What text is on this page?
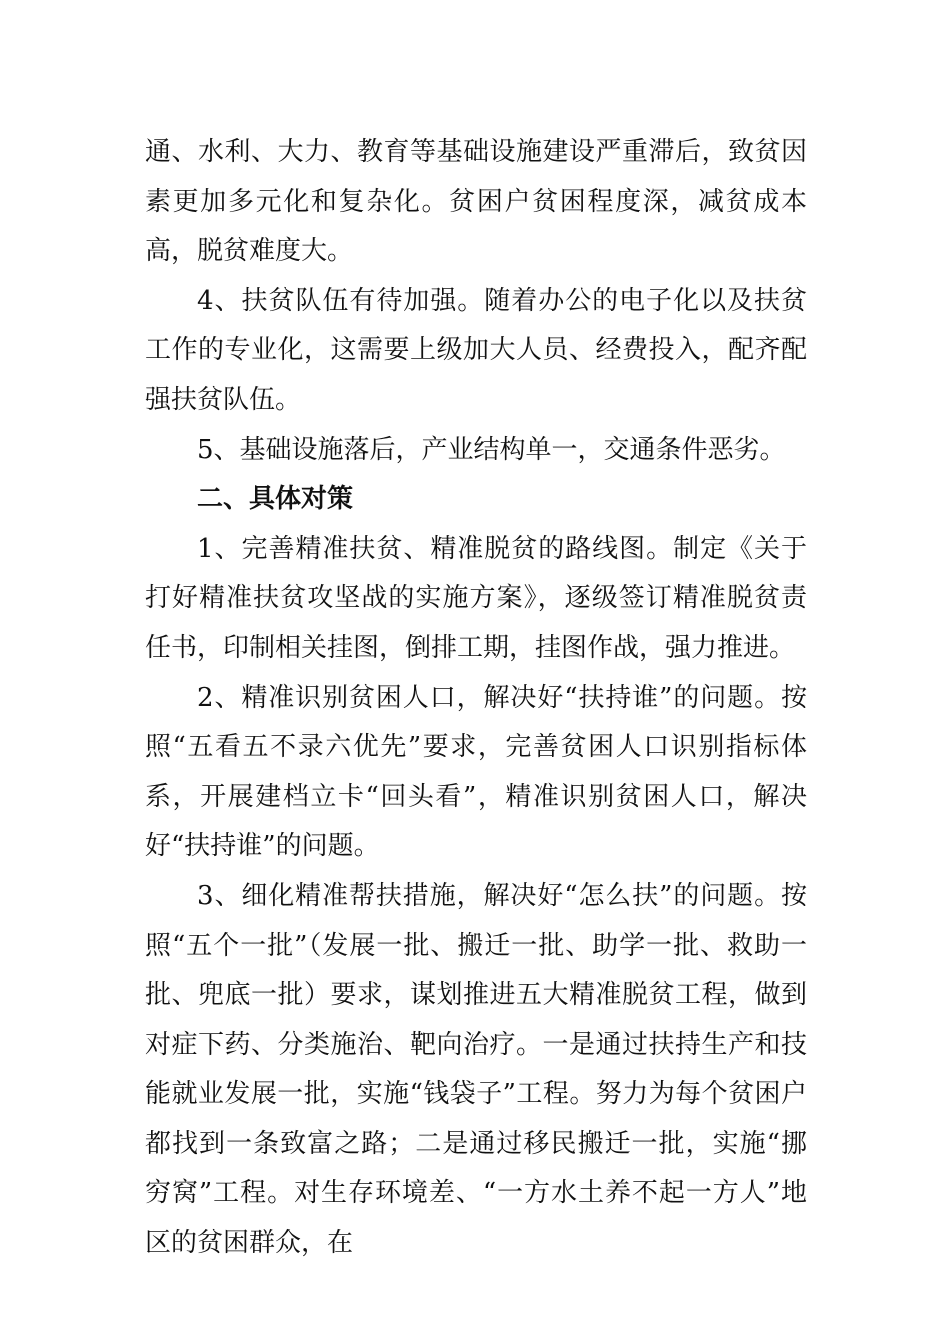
通、水利、大力、教育等基础设施建设严重滞后，致贫因素更加多元化和复杂化。贫困户贫困程度深，减贫成本高，脱贫难度大。

4、扶贫队伍有待加强。随着办公的电子化以及扶贫工作的专业化，这需要上级加大人员、经费投入，配齐配强扶贫队伍。

5、基础设施落后，产业结构单一，交通条件恶劣。

二、具体对策

1、完善精准扶贫、精准脱贫的路线图。制定《关于打好精准扶贫攻坚战的实施方案》，逐级签订精准脱贫责任书，印制相关挂图，倒排工期，挂图作战，强力推进。

2、精准识别贫困人口，解决好“扶持谁”的问题。按照“五看五不录六优先”要求，完善贫困人口识别指标体系，开展建档立卡“回头看”，精准识别贫困人口，解决好“扶持谁”的问题。

3、细化精准帮扶措施，解决好“怎么扶”的问题。按照“五个一批”（发展一批、搬迁一批、助学一批、救助一批、兜底一批）要求，谋划推进五大精准脱贫工程，做到对症下药、分类施治、靶向治疗。一是通过扶持生产和技能就业发展一批，实施“钱袋子”工程。努力为每个贫困户都找到一条致富之路；二是通过移民搬迁一批，实施“挪穷窝”工程。对生存环境差、“一方水土养不起一方人”地区的贫困群众，在
